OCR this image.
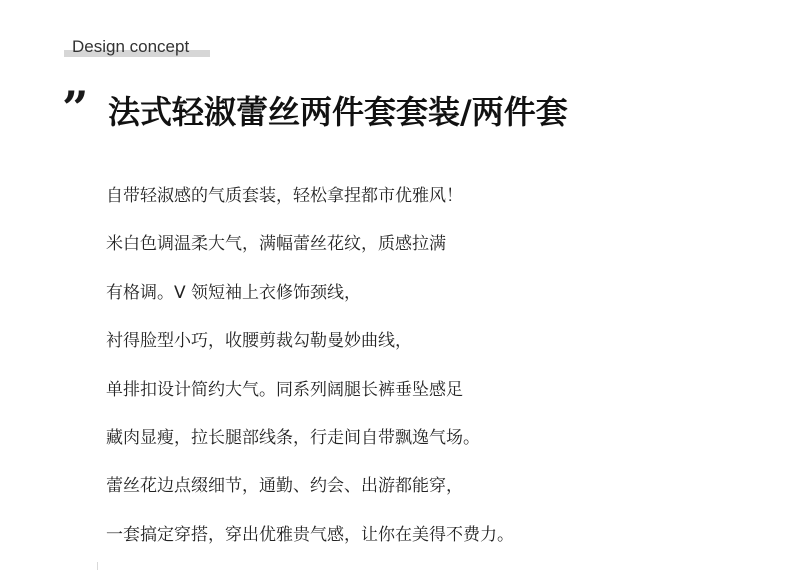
Design concept
” 法式轻淑蕾丝两件套套装/两件套
自带轻淑感的气质套装，轻松拿捏都市优雅风！
米白色调温柔大气，满幅蕾丝花纹，质感拉满
有格调。V 领短袖上衣修饰颈线，
衬得脸型小巧，收腰剪裁勾勒曼妙曲线，
单排扣设计简约大气。同系列阔腿长裤垂坠感足
藏肉显瘦，拉长腿部线条，行走间自带飘逸气场。
蕾丝花边点缀细节，通勤、约会、出游都能穿，
一套搞定穿搭，穿出优雅贵气感，让你在美得不费力。
